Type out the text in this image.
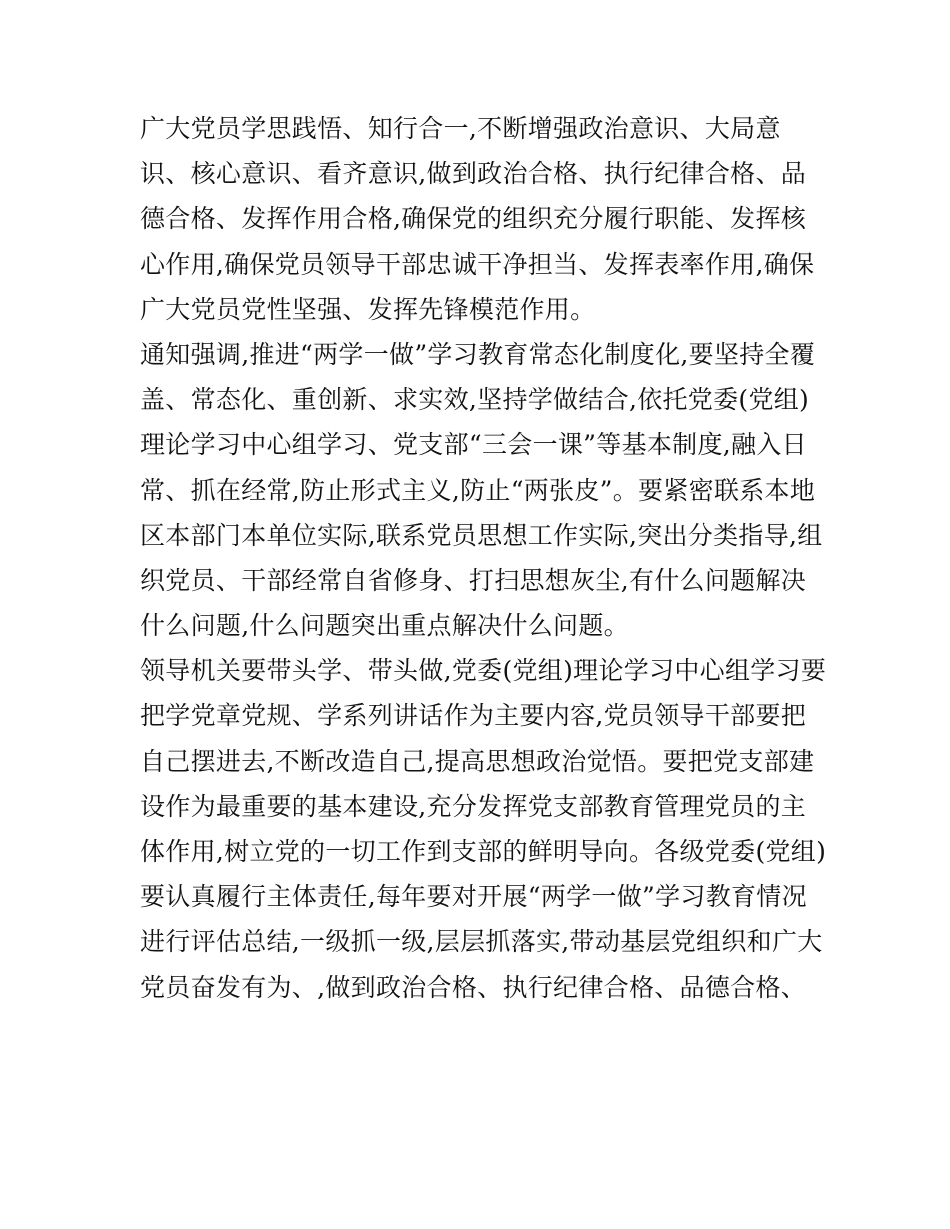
广大党员学思践悟、知行合一,不断增强政治意识、大局意
识、核心意识、看齐意识,做到政治合格、执行纪律合格、品
德合格、发挥作用合格,确保党的组织充分履行职能、发挥核
心作用,确保党员领导干部忠诚干净担当、发挥表率作用,确保
广大党员党性坚强、发挥先锋模范作用。
通知强调,推进“两学一做”学习教育常态化制度化,要坚持全覆
盖、常态化、重创新、求实效,坚持学做结合,依托党委(党组)
理论学习中心组学习、党支部“三会一课”等基本制度,融入日
常、抓在经常,防止形式主义,防止“两张皮”。要紧密联系本地
区本部门本单位实际,联系党员思想工作实际,突出分类指导,组
织党员、干部经常自省修身、打扫思想灰尘,有什么问题解决
什么问题,什么问题突出重点解决什么问题。
领导机关要带头学、带头做,党委(党组)理论学习中心组学习要
把学党章党规、学系列讲话作为主要内容,党员领导干部要把
自己摆进去,不断改造自己,提高思想政治觉悟。要把党支部建
设作为最重要的基本建设,充分发挥党支部教育管理党员的主
体作用,树立党的一切工作到支部的鲜明导向。各级党委(党组)
要认真履行主体责任,每年要对开展“两学一做”学习教育情况
进行评估总结,一级抓一级,层层抓落实,带动基层党组织和广大
党员奋发有为、,做到政治合格、执行纪律合格、品德合格、
